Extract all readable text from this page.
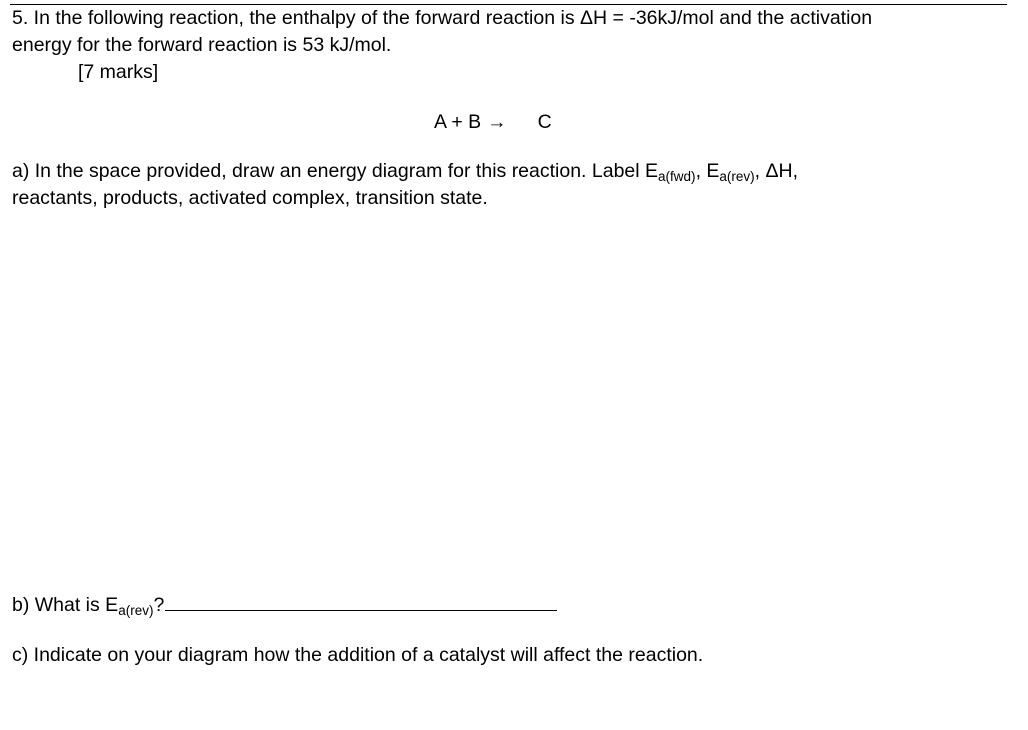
5. In the following reaction, the enthalpy of the forward reaction is ΔH = -36kJ/mol and the activation
energy for the forward reaction is 53 kJ/mol.
[7 marks]
A + B → C
a) In the space provided, draw an energy diagram for this reaction. Label $E_{a(fwd)}$, $E_{a(rev)}$, ΔH,
reactants, products, activated complex, transition state.
b) What is $E_{a(rev)}$?
c) Indicate on your diagram how the addition of a catalyst will affect the reaction.
